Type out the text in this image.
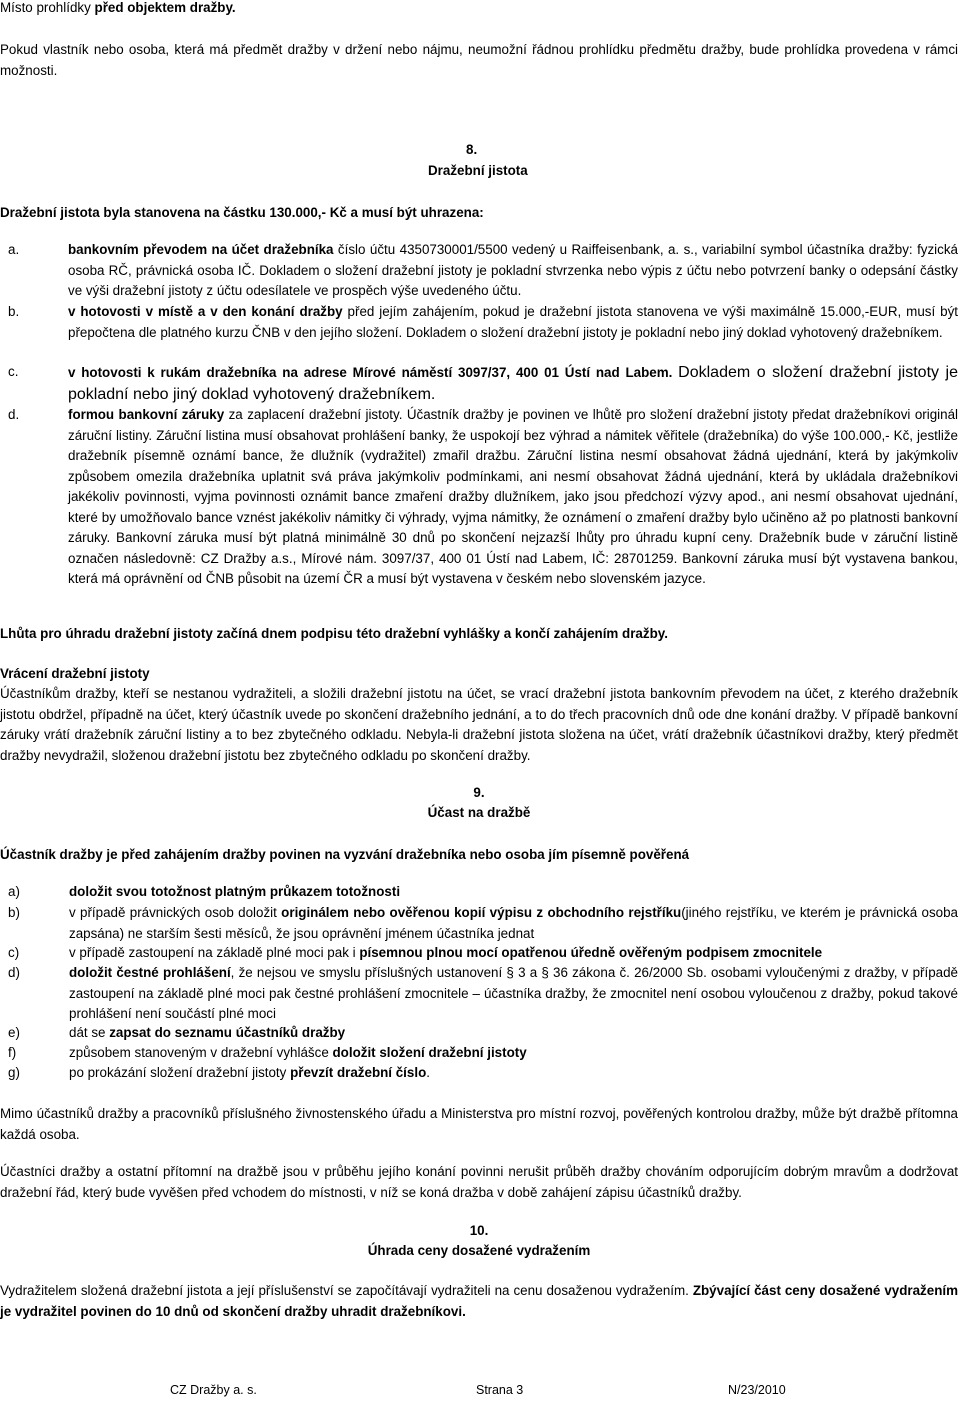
Místo prohlídky před objektem dražby.
Pokud vlastník nebo osoba, která má předmět dražby v držení nebo nájmu, neumožní řádnou prohlídku předmětu dražby, bude prohlídka provedena v rámci možnosti.
8.
Dražební jistota
Dražební jistota byla stanovena na částku 130.000,- Kč a musí být uhrazena:
a.	bankovním převodem na účet dražebníka číslo účtu 4350730001/5500 vedený u Raiffeisenbank, a. s., variabilní symbol účastníka dražby: fyzická osoba RČ, právnická osoba IČ. Dokladem o složení dražební jistoty je pokladní stvrzenka nebo výpis z účtu nebo potvrzení banky o odepsání částky ve výši dražební jistoty z účtu odesílatele ve prospěch výše uvedeného účtu.
b.	v hotovosti v místě a v den konání dražby před jejím zahájením, pokud je dražební jistota stanovena ve výši maximálně 15.000,-EUR, musí být přepočtena dle platného kurzu ČNB v den jejího složení. Dokladem o složení dražební jistoty je pokladní nebo jiný doklad vyhotovený dražebníkem.
c.	v hotovosti k rukám dražebníka na adrese Mírové náměstí 3097/37, 400 01 Ústí nad Labem. Dokladem o složení dražební jistoty je pokladní nebo jiný doklad vyhotovený dražebníkem.
d.	formou bankovní záruky za zaplacení dražební jistoty. Účastník dražby je povinen ve lhůtě pro složení dražební jistoty předat dražebníkovi originál záruční listiny. Záruční listina musí obsahovat prohlášení banky, že uspokojí bez výhrad a námitek věřitele (dražebníka) do výše 100.000,- Kč, jestliže dražebník písemně oznámí bance, že dlužník (vydražitel) zmařil dražbu. Záruční listina nesmí obsahovat žádná ujednání, která by jakýmkoliv způsobem omezila dražebníka uplatnit svá práva jakýmkoliv podmínkami, ani nesmí obsahovat žádná ujednání, která by ukládala dražebníkovi jakékoliv povinnosti, vyjma povinnosti oznámit bance zmaření dražby dlužníkem, jako jsou předchozí výzvy apod., ani nesmí obsahovat ujednání, které by umožňovalo bance vznést jakékoliv námitky či výhrady, vyjma námitky, že oznámení o zmaření dražby bylo učiněno až po platnosti bankovní záruky. Bankovní záruka musí být platná minimálně 30 dnů po skončení nejzazší lhůty pro úhradu kupní ceny. Dražebník bude v záruční listině označen následovně: CZ Dražby a.s., Mírové nám. 3097/37, 400 01 Ústí nad Labem, IČ: 28701259. Bankovní záruka musí být vystavena bankou, která má oprávnění od ČNB působit na území ČR a musí být vystavena v českém nebo slovenském jazyce.
Lhůta pro úhradu dražební jistoty začíná dnem podpisu této dražební vyhlášky a končí zahájením dražby.
Vrácení dražební jistoty
Účastníkům dražby, kteří se nestanou vydražiteli, a složili dražební jistotu na účet, se vrací dražební jistota bankovním převodem na účet, z kterého dražebník jistotu obdržel, případně na účet, který účastník uvede po skončení dražebního jednání, a to do třech pracovních dnů ode dne konání dražby. V případě bankovní záruky vrátí dražebník záruční listiny a to bez zbytečného odkladu. Nebyla-li dražební jistota složena na účet, vrátí dražebník účastníkovi dražby, který předmět dražby nevydražil, složenou dražební jistotu bez zbytečného odkladu po skončení dražby.
9.
Účast na dražbě
Účastník dražby je před zahájením dražby povinen na vyzvání dražebníka nebo osoba jím písemně pověřená
a)	doložit svou totožnost platným průkazem totožnosti
b)	v případě právnických osob doložit originálem nebo ověřenou kopií výpisu z obchodního rejstříku(jiného rejstříku, ve kterém je právnická osoba zapsána) ne starším šesti měsíců, že jsou oprávnění jménem účastníka jednat
c)	v případě zastoupení na základě plné moci pak i písemnou plnou mocí opatřenou úředně ověřeným podpisem zmocnitele
d)	doložit čestné prohlášení, že nejsou ve smyslu příslušných ustanovení § 3 a § 36 zákona č. 26/2000 Sb. osobami vyloučenými z dražby, v případě zastoupení na základě plné moci pak čestné prohlášení zmocnitele – účastníka dražby, že zmocnitel není osobou vyloučenou z dražby, pokud takové prohlášení není součástí plné moci
e)	dát se zapsat do seznamu účastníků dražby
f)	způsobem stanoveným v dražební vyhlášce doložit složení dražební jistoty
g)	po prokázání složení dražební jistoty převzít dražební číslo.
Mimo účastníků dražby a pracovníků příslušného živnostenského úřadu a Ministerstva pro místní rozvoj, pověřených kontrolou dražby, může být dražbě přítomna každá osoba.
Účastníci dražby a ostatní přítomní na dražbě jsou v průběhu jejího konání povinni nerušit průběh dražby chováním odporujícím dobrým mravům a dodržovat dražební řád, který bude vyvěšen před vchodem do místnosti, v níž se koná dražba v době zahájení zápisu účastníků dražby.
10.
Úhrada ceny dosažené vydražením
Vydražitelem složená dražební jistota a její příslušenství se započítávají vydražiteli na cenu dosaženou vydražením. Zbývající část ceny dosažené vydražením je vydražitel povinen do 10 dnů od skončení dražby uhradit dražebníkovi.
CZ Dražby a. s.	Strana 3	N/23/2010
